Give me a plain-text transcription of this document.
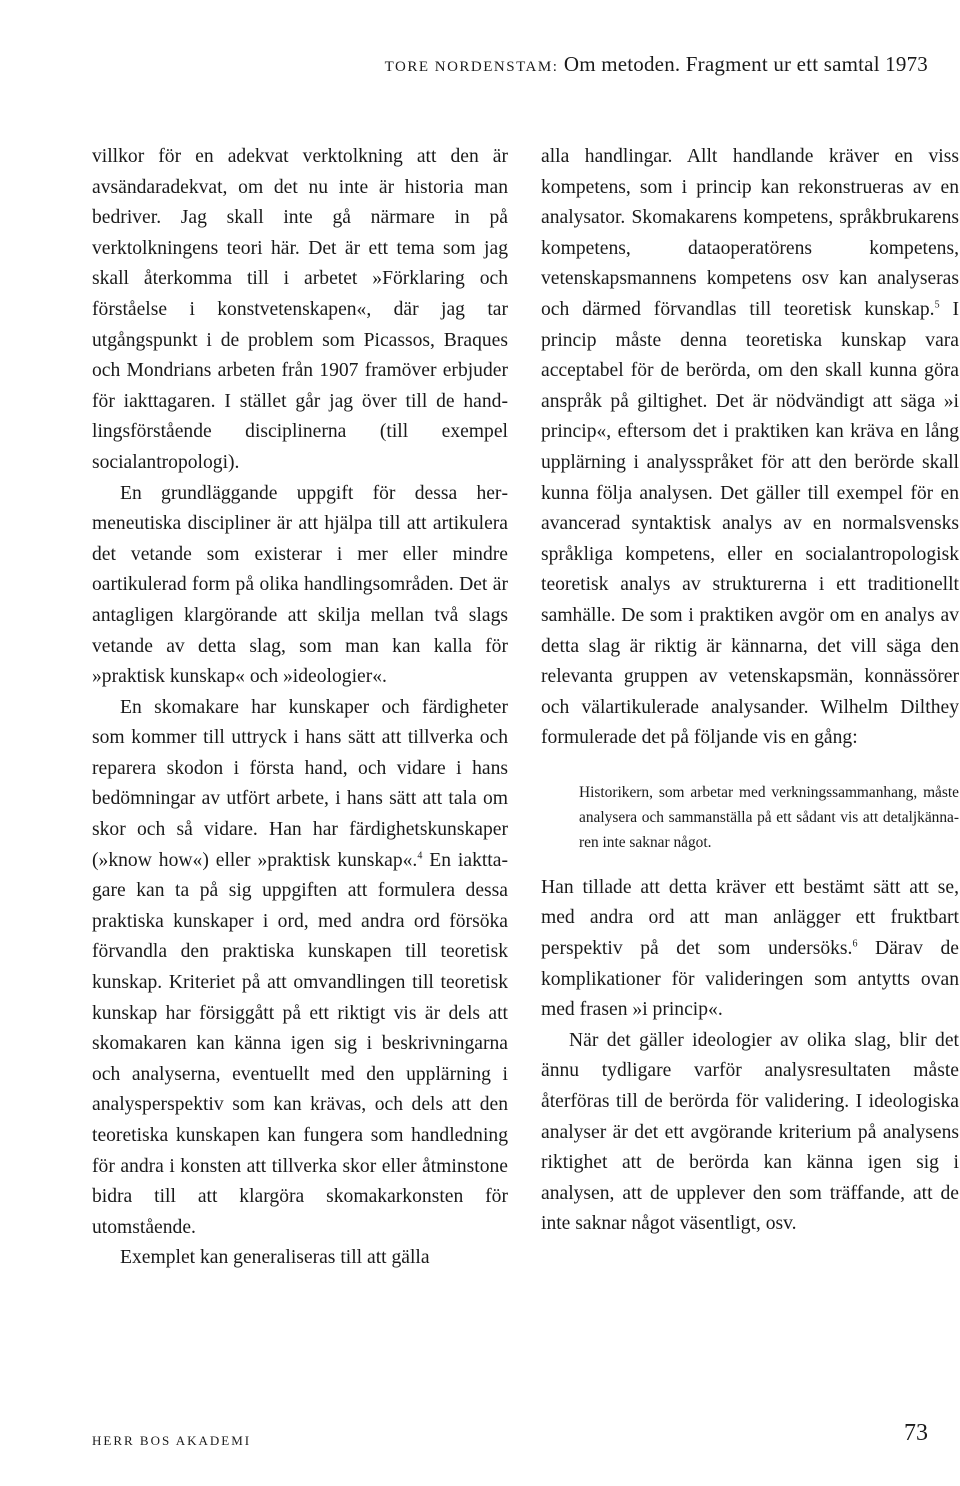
TORE NORDENSTAM: Om metoden. Fragment ur ett samtal 1973

villkor för en adekvat verktolkning att den är avsändaradekvat, om det nu inte är historia man bedriver. Jag skall inte gå närmare in på verktolkningens teori här. Det är ett tema som jag skall återkomma till i arbetet »Förklaring och förståelse i konstvetenskapen«, där jag tar utgångspunkt i de problem som Picassos, Braques och Mondrians arbeten från 1907 framöver erbjuder för iakttagaren. I stället går jag över till de hand- lingsförstående disciplinerna (till exempel socialantropologi).

En grundläggande uppgift för dessa hermeneutiska discipliner är att hjälpa till att artikulera det vetande som existerar i mer eller mindre oartikulerad form på olika handlingsområden. Det är antagligen klargörande att skilja mellan två slags vetande av detta slag, som man kan kalla för »praktisk kunskap« och »ideologier«.

En skomakare har kunskaper och färdigheter som kommer till uttryck i hans sätt att tillverka och reparera skodon i första hand, och vidare i hans bedömningar av utfört arbete, i hans sätt att tala om skor och så vidare. Han har färdighetskunskaper (»know how«) eller »praktisk kunskap«.$^4$ En iakttagare kan ta på sig uppgiften att formulera dessa praktiska kunskaper i ord, med andra ord försöka förvandla den praktiska kunskapen till teoretisk kunskap. Kriteriet på att omvandlingen till teoretisk kunskap har försiggått på ett riktigt vis är dels att skomakaren kan känna igen sig i beskrivningarna och analyserna, eventuellt med den upplärning i analysperspektiv som kan krävas, och dels att den teoretiska kunskapen kan fungera som handledning för andra i konsten att tillverka skor eller åtminstone bidra till att klargöra skomakarkonsten för utomstående.

Exemplet kan generaliseras till att gälla

alla handlingar. Allt handlande kräver en viss kompetens, som i princip kan rekonstrueras av en analysator. Skomakarens kompetens, språkbrukarens kompetens, dataoperatörens kompetens, vetenskapsmannens kompetens osv kan analyseras och därmed förvandlas till teoretisk kunskap.$^5$ I princip måste denna teoretiska kunskap vara acceptabel för de berörda, om den skall kunna göra anspråk på giltighet. Det är nödvändigt att säga »i princip«, eftersom det i praktiken kan kräva en lång upplärning i analysspråket för att den berörde skall kunna följa analysen. Det gäller till exempel för en avancerad syntaktisk analys av en normalsvensks språkliga kompetens, eller en socialantropologisk teoretisk analys av strukturerna i ett traditionellt samhälle. De som i praktiken avgör om en analys av detta slag är riktig är kännarna, det vill säga den relevanta gruppen av vetenskapsmän, konnässörer och välartikulerade analysander. Wilhelm Dilthey formulerade det på följande vis en gång:

Historikern, som arbetar med verkningssammanhang, måste analysera och sammanställa på ett sådant vis att detaljkänna- ren inte saknar något.

Han tillade att detta kräver ett bestämt sätt att se, med andra ord att man anlägger ett fruktbart perspektiv på det som undersöks.$^6$ Därav de komplikationer för valideringen som antytts ovan med frasen »i princip«.

När det gäller ideologier av olika slag, blir det ännu tydligare varför analysresultaten måste återföras till de berörda för validering. I ideologiska analyser är det ett avgörande kriterium på analysens riktighet att de berörda kan känna igen sig i analysen, att de upplever den som träffande, att de inte saknar något väsentligt, osv.

HERR BOS AKADEMI	73
